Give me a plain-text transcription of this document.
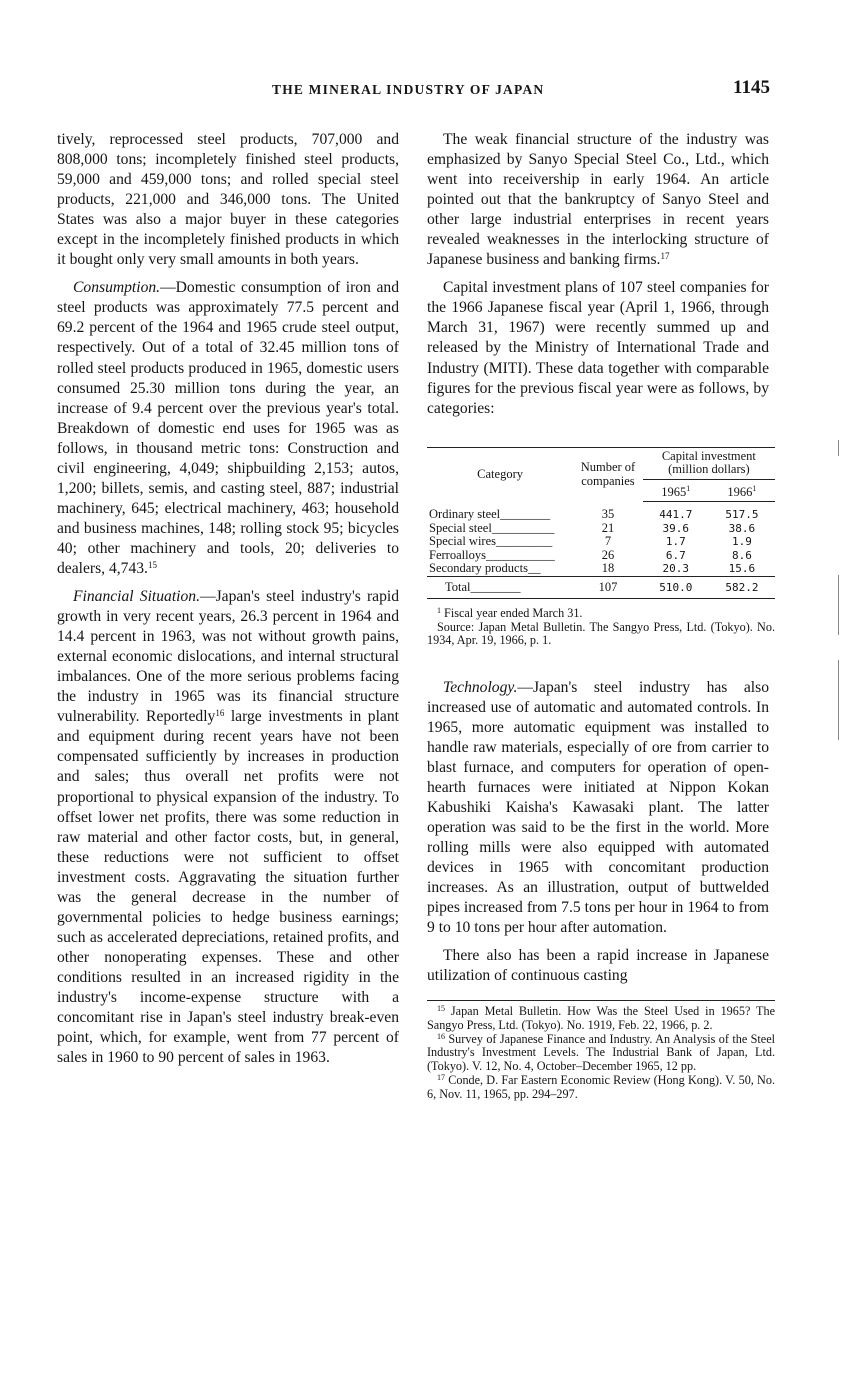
THE MINERAL INDUSTRY OF JAPAN	1145

tively, reprocessed steel products, 707,000 and 808,000 tons; incompletely finished steel products, 59,000 and 459,000 tons; and rolled special steel products, 221,000 and 346,000 tons. The United States was also a major buyer in these categories except in the incompletely finished products in which it bought only very small amounts in both years.

Consumption.—Domestic consumption of iron and steel products was approximately 77.5 percent and 69.2 percent of the 1964 and 1965 crude steel output, respectively. Out of a total of 32.45 million tons of rolled steel products produced in 1965, domestic users consumed 25.30 million tons during the year, an increase of 9.4 percent over the previous year's total. Breakdown of domestic end uses for 1965 was as follows, in thousand metric tons: Construction and civil engineering, 4,049; shipbuilding 2,153; autos, 1,200; billets, semis, and casting steel, 887; industrial machinery, 645; electrical machinery, 463; household and business machines, 148; rolling stock 95; bicycles 40; other machinery and tools, 20; deliveries to dealers, 4,743.15

Financial Situation.—Japan's steel industry's rapid growth in very recent years, 26.3 percent in 1964 and 14.4 percent in 1963, was not without growth pains, external economic dislocations, and internal structural imbalances. One of the more serious problems facing the industry in 1965 was its financial structure vulnerability. Reportedly$^{16}$ large investments in plant and equipment during recent years have not been compensated sufficiently by increases in production and sales; thus overall net profits were not proportional to physical expansion of the industry. To offset lower net profits, there was some reduction in raw material and other factor costs, but, in general, these reductions were not sufficient to offset investment costs. Aggravating the situation further was the general decrease in the number of governmental policies to hedge business earnings; such as accelerated depreciations, retained profits, and other nonoperating expenses. These and other conditions resulted in an increased rigidity in the industry's income-expense structure with a concomitant rise in Japan's steel industry break-even point, which, for example, went from 77 percent of sales in 1960 to 90 percent of sales in 1963.

The weak financial structure of the industry was emphasized by Sanyo Special Steel Co., Ltd., which went into receivership in early 1964. An article pointed out that the bankruptcy of Sanyo Steel and other large industrial enterprises in recent years revealed weaknesses in the interlocking structure of Japanese business and banking firms.$^{17}$

Capital investment plans of 107 steel companies for the 1966 Japanese fiscal year (April 1, 1966, through March 31, 1967) were recently summed up and released by the Ministry of International Trade and Industry (MITI). These data together with comparable figures for the previous fiscal year were as follows, by categories:

Category	Number of companies	Capital investment (million dollars)	
		1965$^1$	1966$^1$
Ordinary steel________	35	441.7	517.5
Special steel__________	21	39.6	38.6
Special wires_________	7	1.7	1.9
Ferroalloys___________	26	6.7	8.6
Secondary products__	18	20.3	15.6
Total________	107	510.0	582.2
$^1$ Fiscal year ended March 31.
Source: Japan Metal Bulletin. The Sangyo Press, Ltd. (Tokyo). No. 1934, Apr. 19, 1966, p. 1.

Technology.—Japan's steel industry has also increased use of automatic and automated controls. In 1965, more automatic equipment was installed to handle raw materials, especially of ore from carrier to blast furnace, and computers for operation of open-hearth furnaces were initiated at Nippon Kokan Kabushiki Kaisha's Kawasaki plant. The latter operation was said to be the first in the world. More rolling mills were also equipped with automated devices in 1965 with concomitant production increases. As an illustration, output of buttwelded pipes increased from 7.5 tons per hour in 1964 to from 9 to 10 tons per hour after automation.

There also has been a rapid increase in Japanese utilization of continuous casting

$^{15}$ Japan Metal Bulletin. How Was the Steel Used in 1965? The Sangyo Press, Ltd. (Tokyo). No. 1919, Feb. 22, 1966, p. 2.
$^{16}$ Survey of Japanese Finance and Industry. An Analysis of the Steel Industry's Investment Levels. The Industrial Bank of Japan, Ltd. (Tokyo). V. 12, No. 4, October–December 1965, 12 pp.
$^{17}$ Conde, D. Far Eastern Economic Review (Hong Kong). V. 50, No. 6, Nov. 11, 1965, pp. 294–297.
